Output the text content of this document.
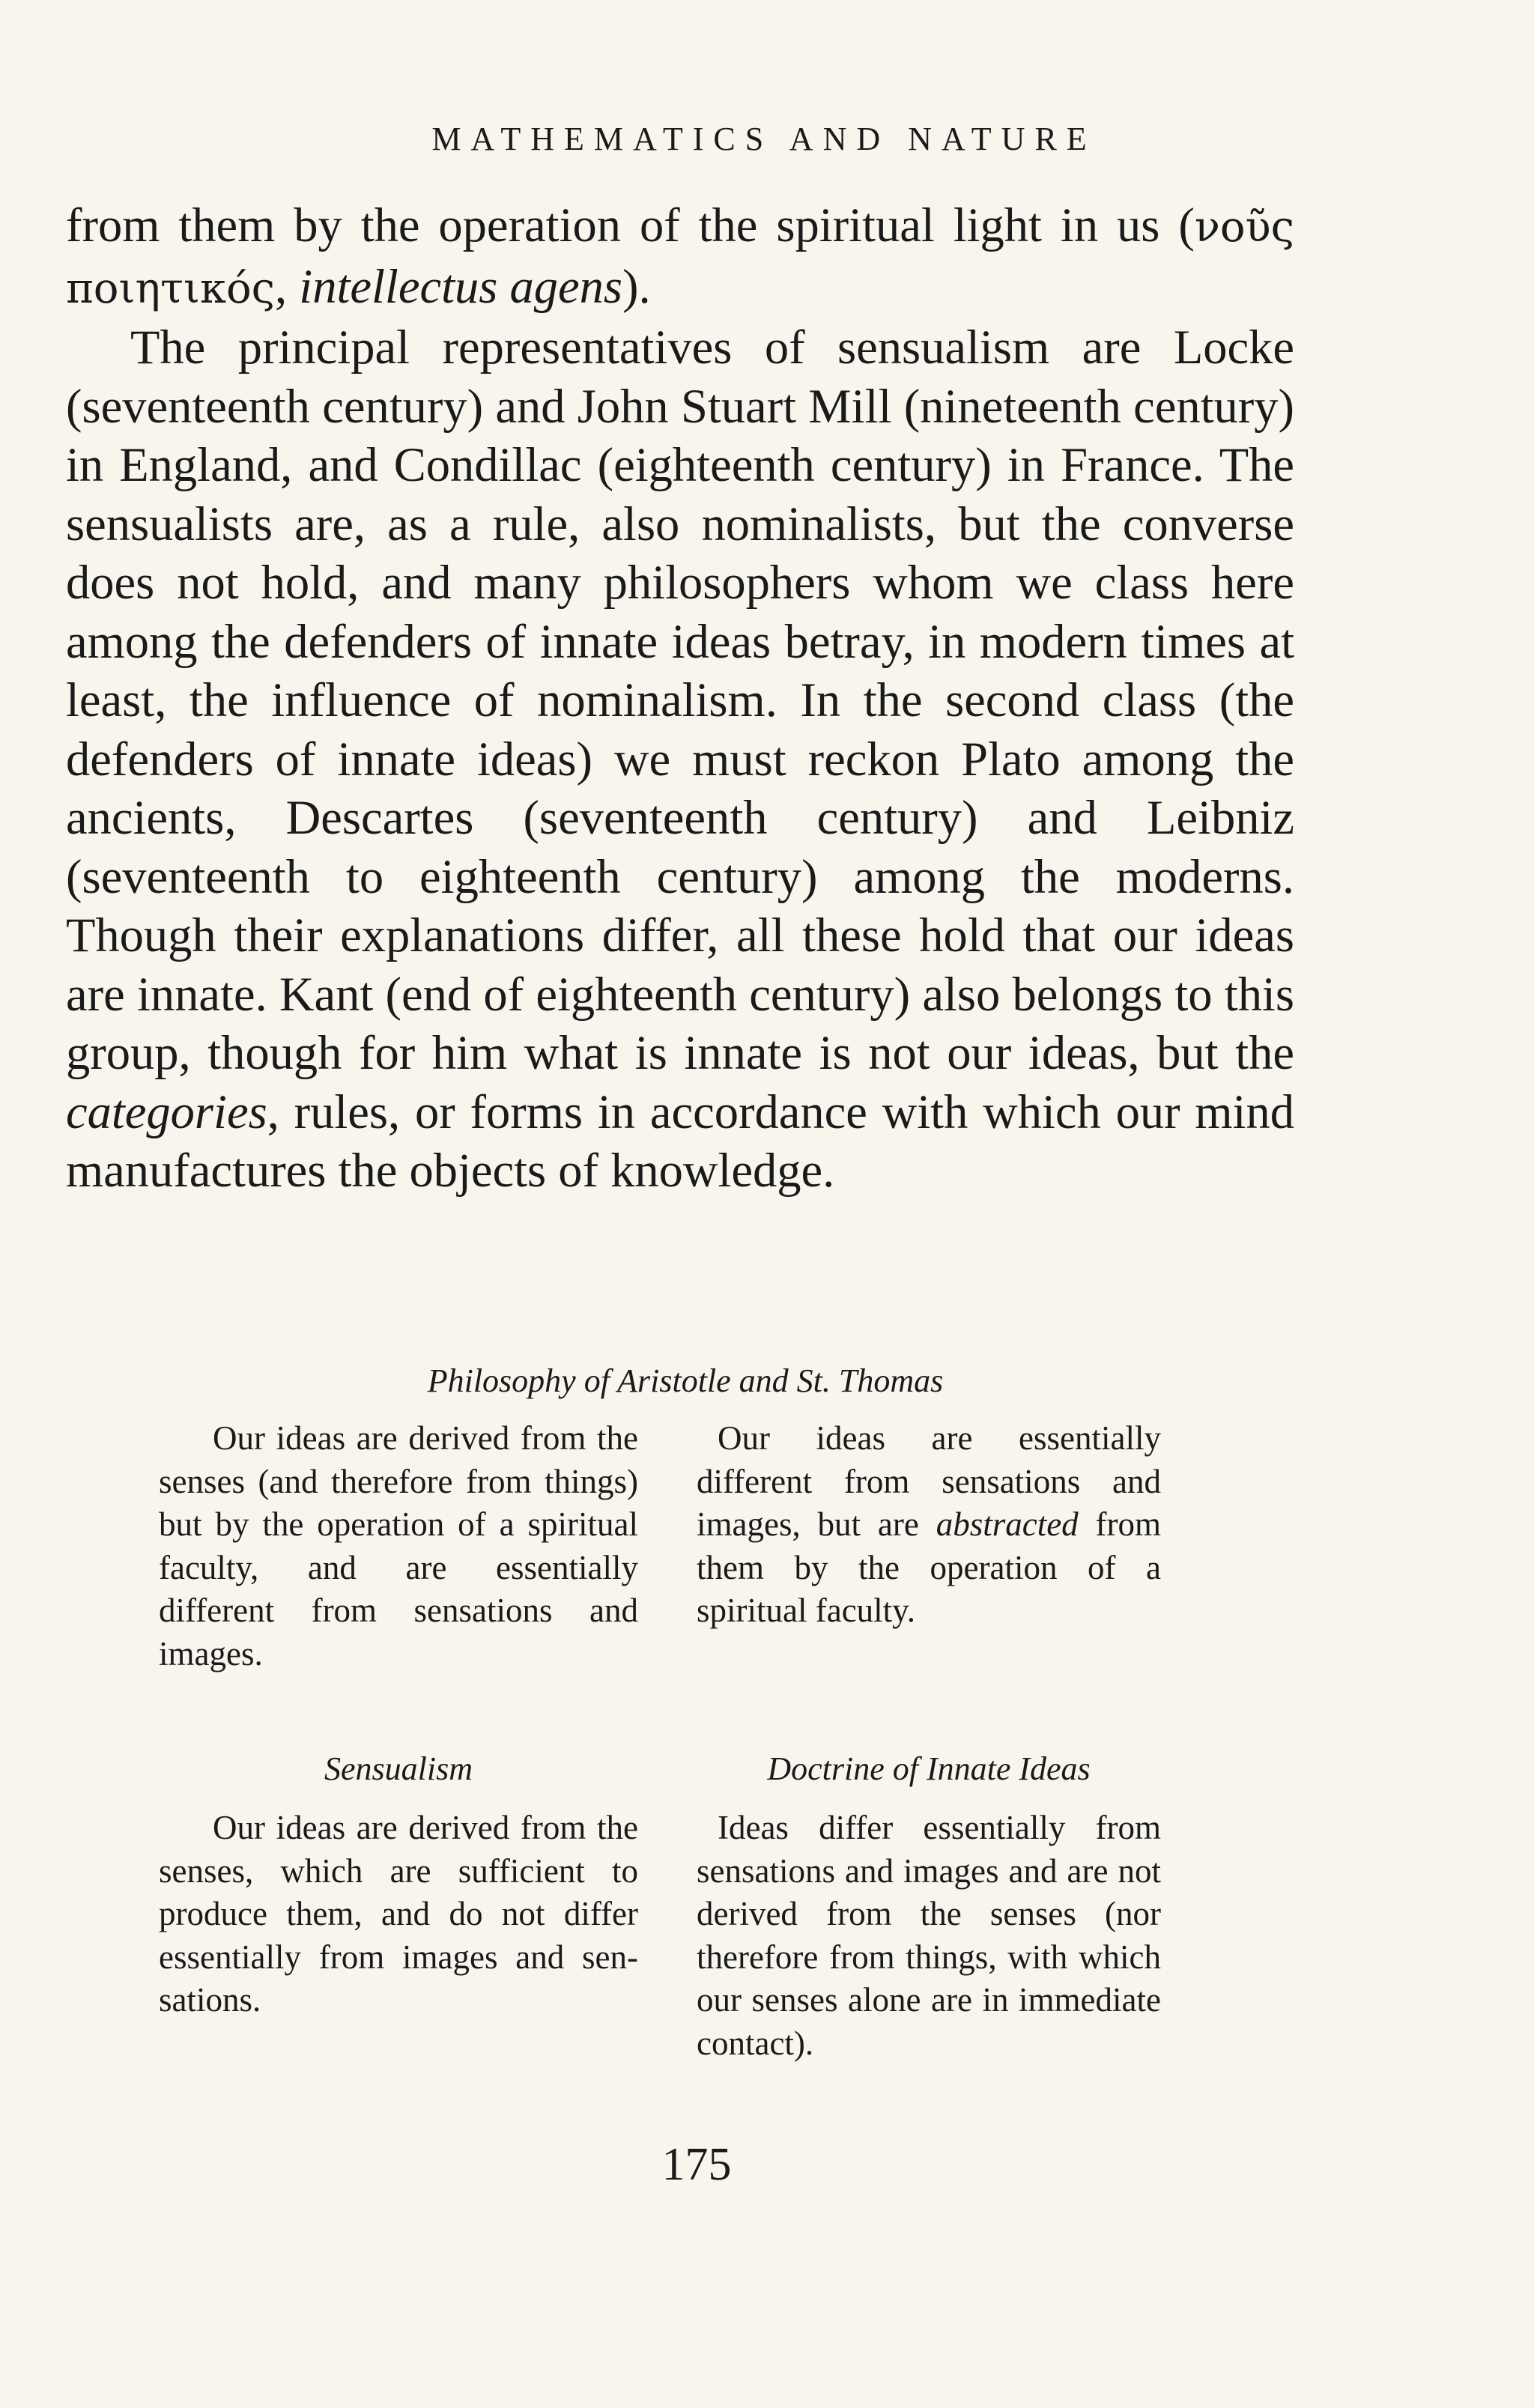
MATHEMATICS AND NATURE

from them by the operation of the spiritual light in us (νοῦς ποιητικός, intellectus agens).

The principal representatives of sensualism are Locke (seventeenth century) and John Stuart Mill (nineteenth century) in England, and Condillac (eighteenth century) in France. The sensualists are, as a rule, also nominalists, but the converse does not hold, and many philosophers whom we class here among the defenders of innate ideas betray, in modern times at least, the influence of nominalism. In the second class (the defenders of innate ideas) we must reckon Plato among the ancients, Descartes (seventeenth century) and Leibniz (seventeenth to eighteenth century) among the moderns. Though their explanations differ, all these hold that our ideas are innate. Kant (end of eighteenth century) also belongs to this group, though for him what is innate is not our ideas, but the categories, rules, or forms in accordance with which our mind manufactures the objects of knowledge.

Philosophy of Aristotle and St. Thomas
Our ideas are derived from the senses (and therefore from things) but by the operation of a spiritual faculty, and are essentially different from sensations and images.
Our ideas are essentially different from sensations and images, but are abstracted from them by the operation of a spiritual faculty.
Sensualism	Doctrine of Innate Ideas
Our ideas are derived from the senses, which are sufficient to produce them, and do not differ essentially from images and sensations.
Ideas differ essentially from sensations and images and are not derived from the senses (nor therefore from things, with which our senses alone are in immediate contact).
175
